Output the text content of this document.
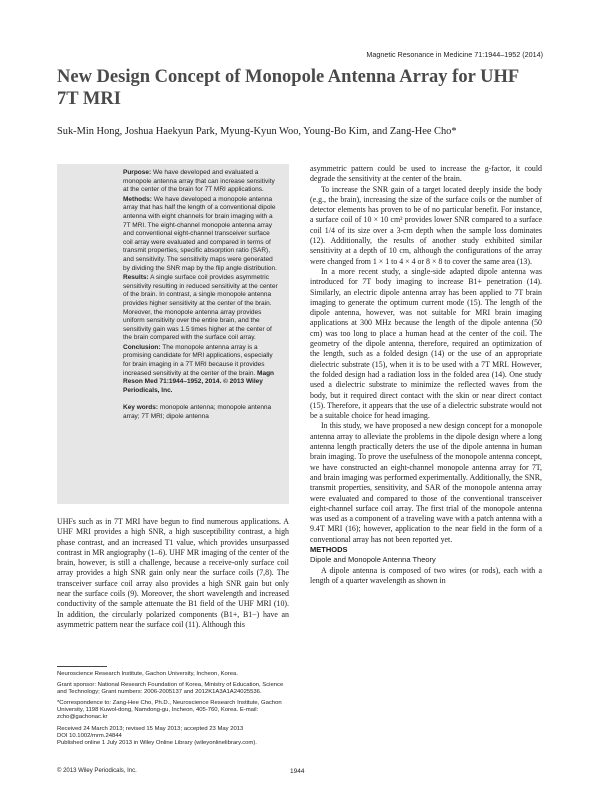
Magnetic Resonance in Medicine 71:1944–1952 (2014)
New Design Concept of Monopole Antenna Array for UHF 7T MRI
Suk-Min Hong, Joshua Haekyun Park, Myung-Kyun Woo, Young-Bo Kim, and Zang-Hee Cho*

Purpose: We have developed and evaluated a monopole antenna array that can increase sensitivity at the center of the brain for 7T MRI applications.

Methods: We have developed a monopole antenna array that has half the length of a conventional dipole antenna with eight channels for brain imaging with a 7T MRI. The eight-channel monopole antenna array and conventional eight-channel transceiver surface coil array were evaluated and compared in terms of transmit properties, specific absorption ratio (SAR), and sensitivity. The sensitivity maps were generated by dividing the SNR map by the flip angle distribution.

Results: A single surface coil provides asymmetric sensitivity resulting in reduced sensitivity at the center of the brain. In contrast, a single monopole antenna provides higher sensitivity at the center of the brain. Moreover, the monopole antenna array provides uniform sensitivity over the entire brain, and the sensitivity gain was 1.5 times higher at the center of the brain compared with the surface coil array.

Conclusion: The monopole antenna array is a promising candidate for MRI applications, especially for brain imaging in a 7T MRI because it provides increased sensitivity at the center of the brain. Magn Reson Med 71:1944–1952, 2014. © 2013 Wiley Periodicals, Inc.

Key words: monopole antenna; monopole antenna array; 7T MRI; dipole antenna

UHFs such as in 7T MRI have begun to find numerous applications. A UHF MRI provides a high SNR, a high susceptibility contrast, a high phase contrast, and an increased T1 value, which provides unsurpassed contrast in MR angiography (1–6). UHF MR imaging of the center of the brain, however, is still a challenge, because a receive-only surface coil array provides a high SNR gain only near the surface coils (7,8). The transceiver surface coil array also provides a high SNR gain but only near the surface coils (9). Moreover, the short wavelength and increased conductivity of the sample attenuate the B1 field of the UHF MRI (10). In addition, the circularly polarized components (B1+, B1−) have an asymmetric pattern near the surface coil (11). Although this

Neuroscience Research Institute, Gachon University, Incheon, Korea.

Grant sponsor: National Research Foundation of Korea, Ministry of Education, Science and Technology; Grant numbers: 2006-2005137 and 2012K1A3A1A24025536.

*Correspondence to: Zang-Hee Cho, Ph.D., Neuroscience Research Institute, Gachon University, 1198 Kuwol-dong, Namdong-gu, Incheon, 405-760, Korea. E-mail: zcho@gachonac.kr

Received 24 March 2013; revised 15 May 2013; accepted 23 May 2013

DOI 10.1002/mrm.24844

Published online 1 July 2013 in Wiley Online Library (wileyonlinelibrary.com).

© 2013 Wiley Periodicals, Inc.	1944

asymmetric pattern could be used to increase the g-factor, it could degrade the sensitivity at the center of the brain.

To increase the SNR gain of a target located deeply inside the body (e.g., the brain), increasing the size of the surface coils or the number of detector elements has proven to be of no particular benefit. For instance, a surface coil of 10 × 10 cm² provides lower SNR compared to a surface coil 1/4 of its size over a 3-cm depth when the sample loss dominates (12). Additionally, the results of another study exhibited similar sensitivity at a depth of 10 cm, although the configurations of the array were changed from 1 × 1 to 4 × 4 or 8 × 8 to cover the same area (13).

In a more recent study, a single-side adapted dipole antenna was introduced for 7T body imaging to increase B1+ penetration (14). Similarly, an electric dipole antenna array has been applied to 7T brain imaging to generate the optimum current mode (15). The length of the dipole antenna, however, was not suitable for MRI brain imaging applications at 300 MHz because the length of the dipole antenna (50 cm) was too long to place a human head at the center of the coil. The geometry of the dipole antenna, therefore, required an optimization of the length, such as a folded design (14) or the use of an appropriate dielectric substrate (15), when it is to be used with a 7T MRI. However, the folded design had a radiation loss in the folded area (14). One study used a dielectric substrate to minimize the reflected waves from the body, but it required direct contact with the skin or near direct contact (15). Therefore, it appears that the use of a dielectric substrate would not be a suitable choice for head imaging.

In this study, we have proposed a new design concept for a monopole antenna array to alleviate the problems in the dipole design where a long antenna length practically deters the use of the dipole antenna in human brain imaging. To prove the usefulness of the monopole antenna concept, we have constructed an eight-channel monopole antenna array for 7T, and brain imaging was performed experimentally. Additionally, the SNR, transmit properties, sensitivity, and SAR of the monopole antenna array were evaluated and compared to those of the conventional transceiver eight-channel surface coil array. The first trial of the monopole antenna was used as a component of a traveling wave with a patch antenna with a 9.4T MRI (16); however, application to the near field in the form of a conventional array has not been reported yet.

METHODS

Dipole and Monopole Antenna Theory

A dipole antenna is composed of two wires (or rods), each with a length of a quarter wavelength as shown in
